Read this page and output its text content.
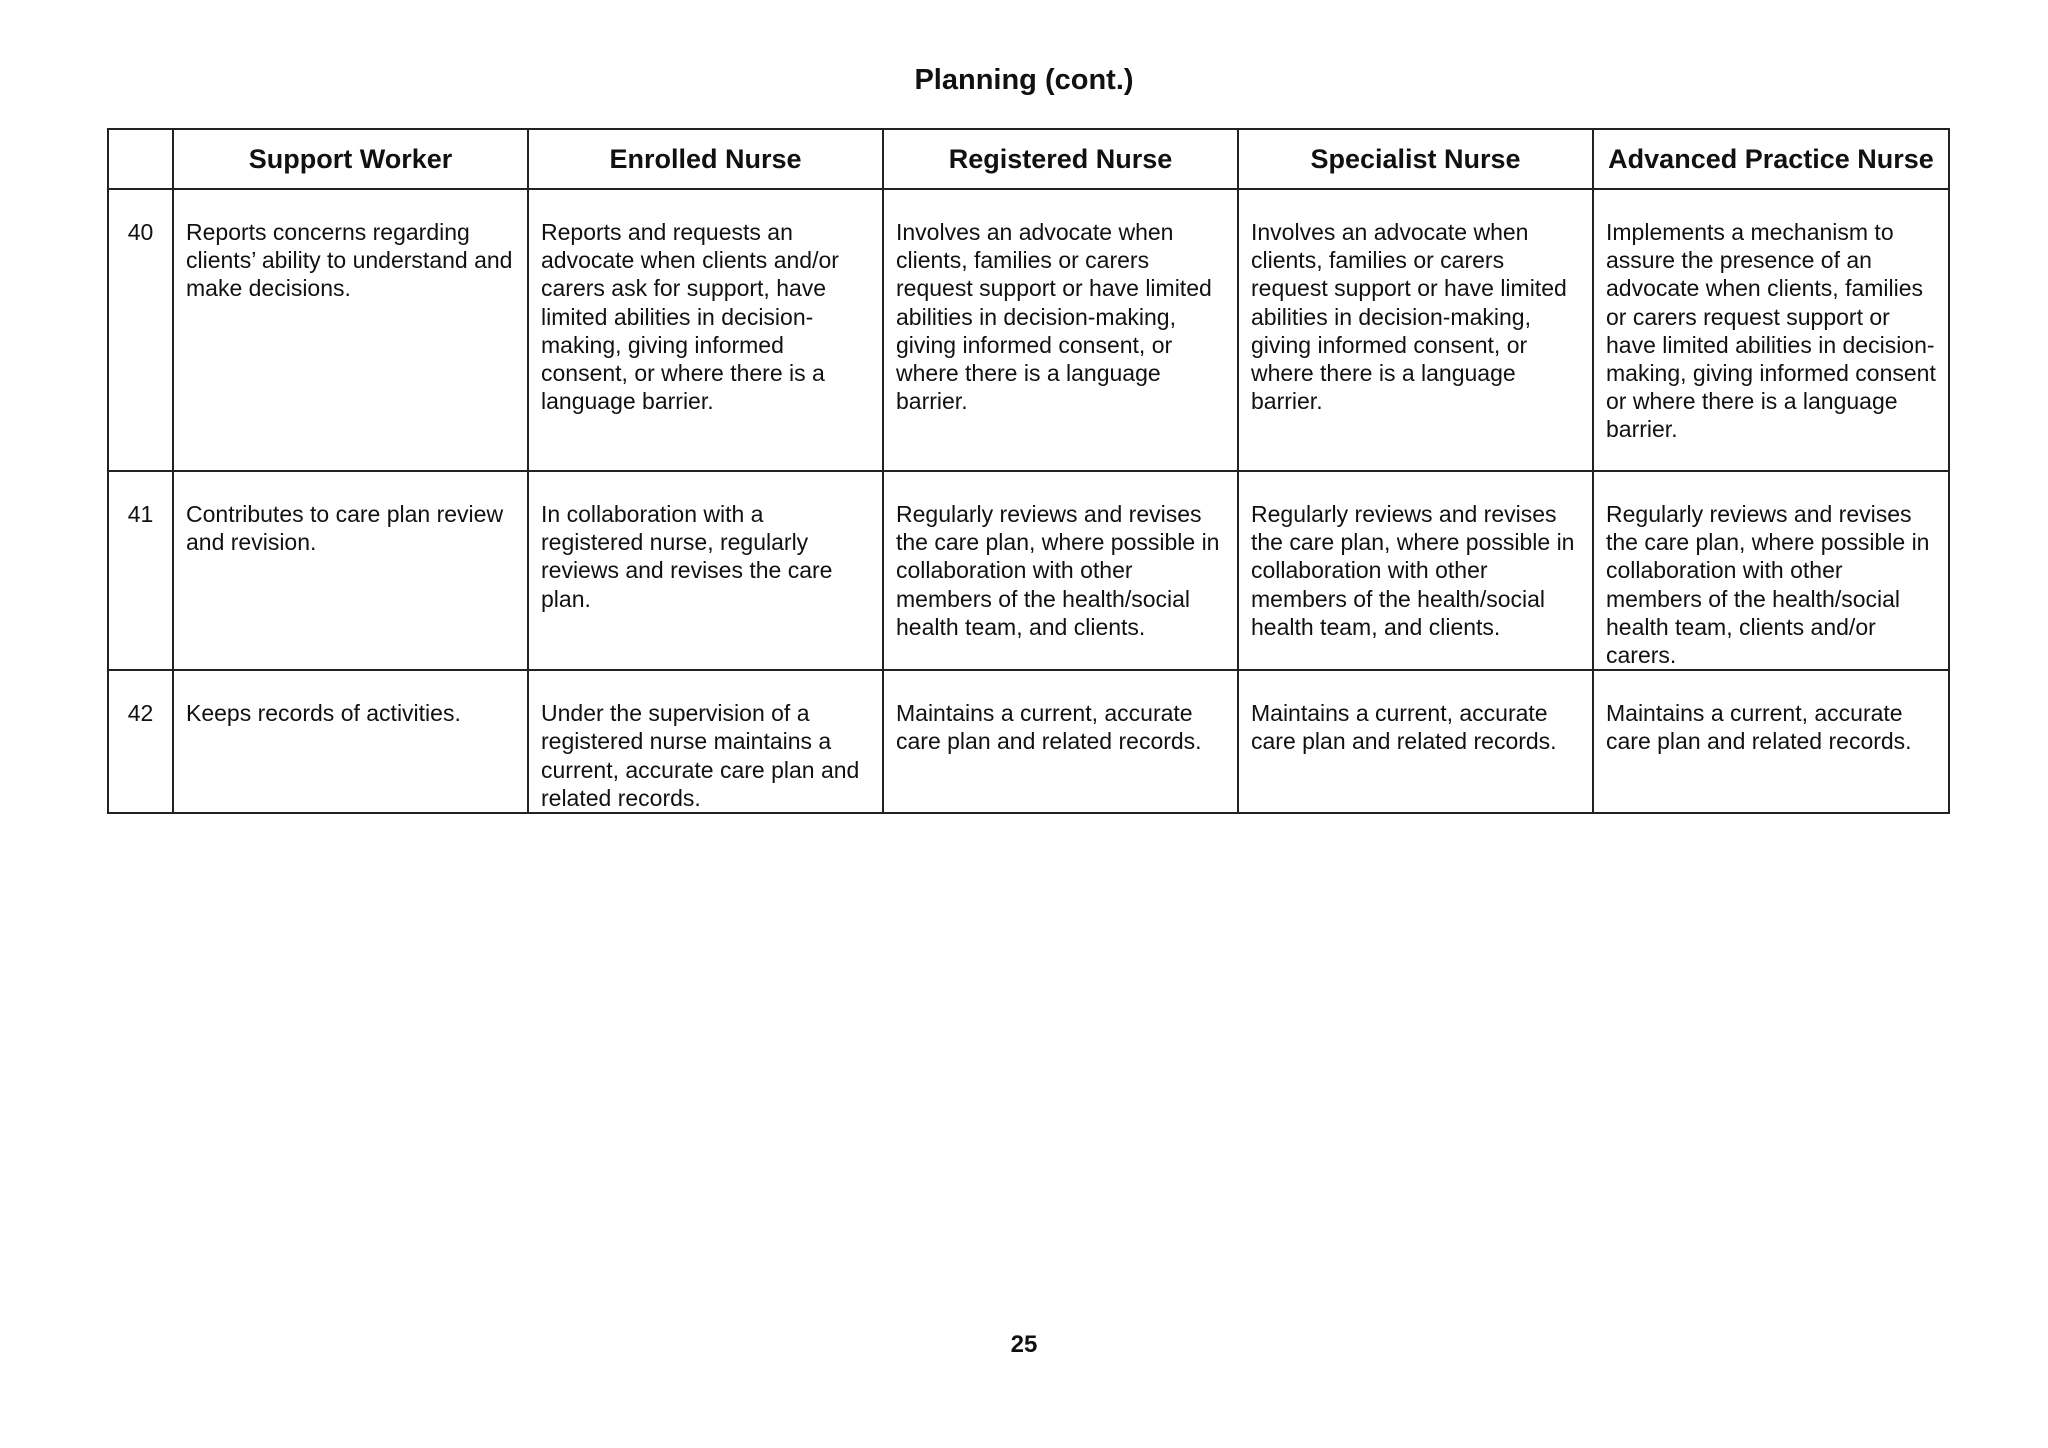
Planning (cont.)
	Support Worker	Enrolled Nurse	Registered Nurse	Specialist Nurse	Advanced Practice Nurse
40	Reports concerns regarding clients’ ability to understand and make decisions.	Reports and requests an advocate when clients and/or carers ask for support, have limited abilities in decision-making, giving informed consent, or where there is a language barrier.	Involves an advocate when clients, families or carers request support or have limited abilities in decision-making, giving informed consent, or where there is a language barrier.	Involves an advocate when clients, families or carers request support or have limited abilities in decision-making, giving informed consent, or where there is a language barrier.	Implements a mechanism to assure the presence of an advocate when clients, families or carers request support or have limited abilities in decision-making, giving informed consent or where there is a language barrier.
41	Contributes to care plan review and revision.	In collaboration with a registered nurse, regularly reviews and revises the care plan.	Regularly reviews and revises the care plan, where possible in collaboration with other members of the health/social health team, and clients.	Regularly reviews and revises the care plan, where possible in collaboration with other members of the health/social health team, and clients.	Regularly reviews and revises the care plan, where possible in collaboration with other members of the health/social health team, clients and/or carers.
42	Keeps records of activities.	Under the supervision of a registered nurse maintains a current, accurate care plan and related records.	Maintains a current, accurate care plan and related records.	Maintains a current, accurate care plan and related records.	Maintains a current, accurate care plan and related records.
25
